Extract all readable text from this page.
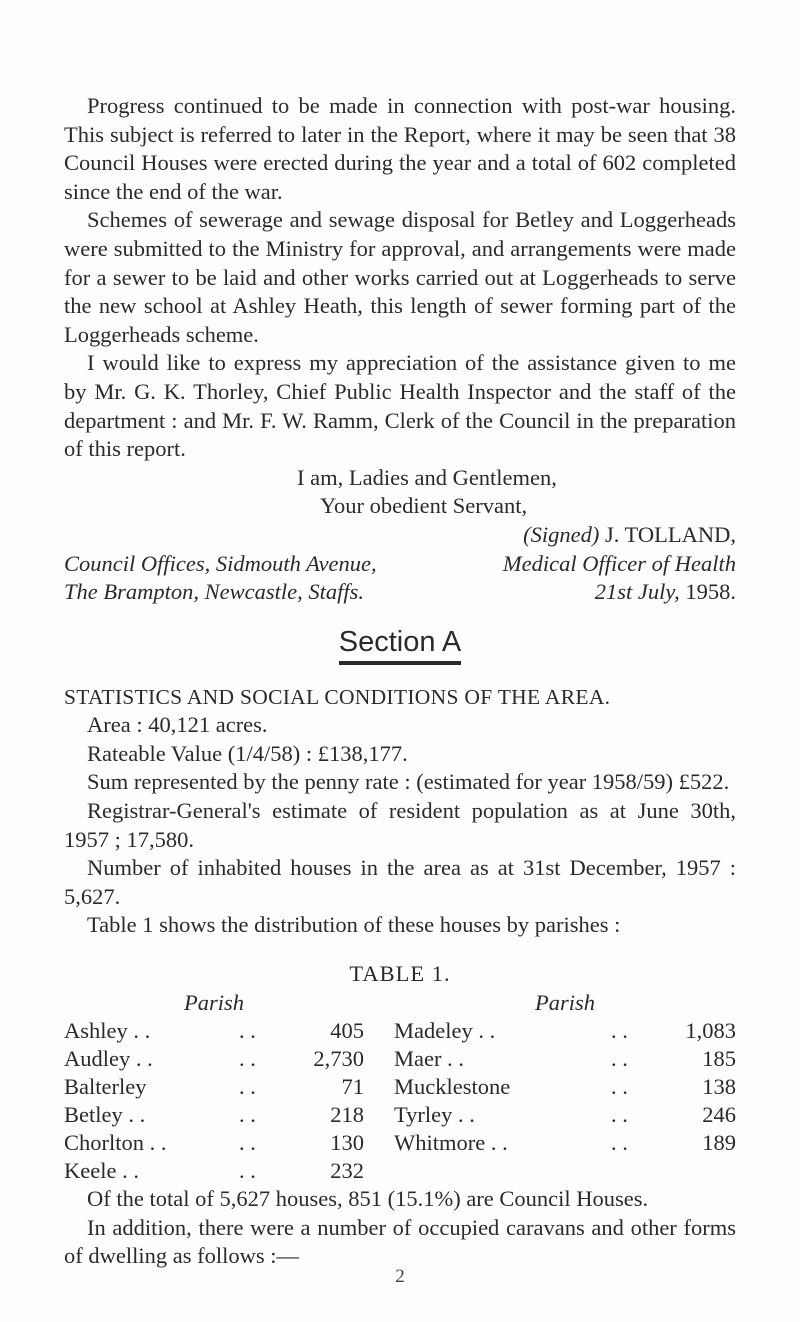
Progress continued to be made in connection with post-war housing. This subject is referred to later in the Report, where it may be seen that 38 Council Houses were erected during the year and a total of 602 completed since the end of the war.

Schemes of sewerage and sewage disposal for Betley and Loggerheads were submitted to the Ministry for approval, and arrangements were made for a sewer to be laid and other works carried out at Loggerheads to serve the new school at Ashley Heath, this length of sewer forming part of the Loggerheads scheme.

I would like to express my appreciation of the assistance given to me by Mr. G. K. Thorley, Chief Public Health Inspector and the staff of the department : and Mr. F. W. Ramm, Clerk of the Council in the preparation of this report.

I am, Ladies and Gentlemen,
Your obedient Servant,
(Signed) J. TOLLAND,
Council Offices, Sidmouth Avenue,	Medical Officer of Health
The Brampton, Newcastle, Staffs.	21st July, 1958.
Section A

STATISTICS AND SOCIAL CONDITIONS OF THE AREA.

Area : 40,121 acres.

Rateable Value (1/4/58) : £138,177.

Sum represented by the penny rate : (estimated for year 1958/59) £522.

Registrar-General's estimate of resident population as at June 30th, 1957 ; 17,580.

Number of inhabited houses in the area as at 31st December, 1957 : 5,627.

Table 1 shows the distribution of these houses by parishes :

TABLE 1.
Parish
Ashley . .	. .	405
Audley . .	. .	2,730
Balterley	. .	71
Betley . .	. .	218
Chorlton . .	. .	130
Keele . .	. .	232
Parish
Madeley . .	. .	1,083
Maer . .	. .	185
Mucklestone	. .	138
Tyrley . .	. .	246
Whitmore . .	. .	189

Of the total of 5,627 houses, 851 (15.1%) are Council Houses.

In addition, there were a number of occupied caravans and other forms of dwelling as follows :—

2
